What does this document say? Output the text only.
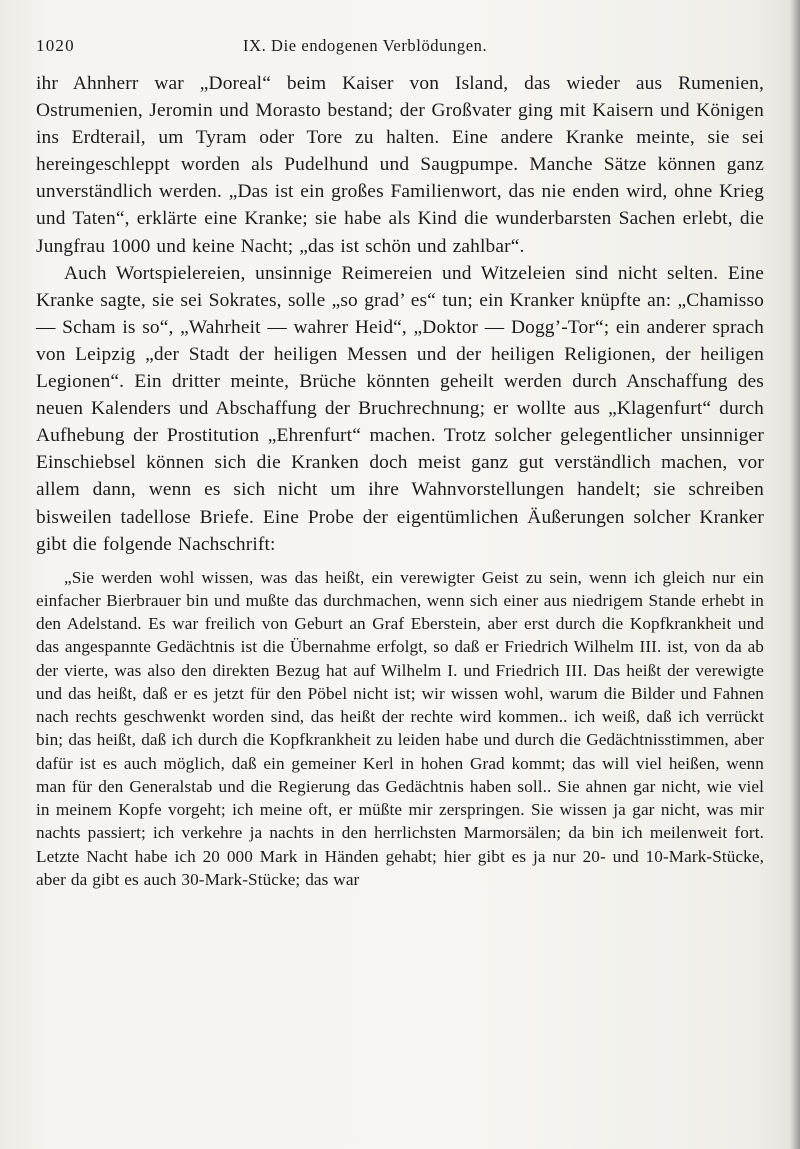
1020	IX. Die endogenen Verblödungen.

ihr Ahnherr war „Doreal“ beim Kaiser von Island, das wieder aus Rumenien, Ostrumenien, Jeromin und Morasto bestand; der Großvater ging mit Kaisern und Königen ins Erdterail, um Tyram oder Tore zu halten. Eine andere Kranke meinte, sie sei hereingeschleppt worden als Pudelhund und Saugpumpe. Manche Sätze können ganz unverständlich werden. „Das ist ein großes Familienwort, das nie enden wird, ohne Krieg und Taten“, erklärte eine Kranke; sie habe als Kind die wunderbarsten Sachen erlebt, die Jungfrau 1000 und keine Nacht; „das ist schön und zahlbar“.

Auch Wortspielereien, unsinnige Reimereien und Witzeleien sind nicht selten. Eine Kranke sagte, sie sei Sokrates, solle „so grad’ es“ tun; ein Kranker knüpfte an: „Chamisso — Scham is so“, „Wahrheit — wahrer Heid“, „Doktor — Dogg’-Tor“; ein anderer sprach von Leipzig „der Stadt der heiligen Messen und der heiligen Religionen, der heiligen Legionen“. Ein dritter meinte, Brüche könnten geheilt werden durch Anschaffung des neuen Kalenders und Abschaffung der Bruchrechnung; er wollte aus „Klagenfurt“ durch Aufhebung der Prostitution „Ehrenfurt“ machen. Trotz solcher gelegentlicher unsinniger Einschiebsel können sich die Kranken doch meist ganz gut verständlich machen, vor allem dann, wenn es sich nicht um ihre Wahnvorstellungen handelt; sie schreiben bisweilen tadellose Briefe. Eine Probe der eigentümlichen Äußerungen solcher Kranker gibt die folgende Nachschrift:

„Sie werden wohl wissen, was das heißt, ein verewigter Geist zu sein, wenn ich gleich nur ein einfacher Bierbrauer bin und mußte das durchmachen, wenn sich einer aus niedrigem Stande erhebt in den Adelstand. Es war freilich von Geburt an Graf Eberstein, aber erst durch die Kopfkrankheit und das angespannte Gedächtnis ist die Übernahme erfolgt, so daß er Friedrich Wilhelm III. ist, von da ab der vierte, was also den direkten Bezug hat auf Wilhelm I. und Friedrich III. Das heißt der verewigte und das heißt, daß er es jetzt für den Pöbel nicht ist; wir wissen wohl, warum die Bilder und Fahnen nach rechts geschwenkt worden sind, das heißt der rechte wird kommen.. ich weiß, daß ich verrückt bin; das heißt, daß ich durch die Kopfkrankheit zu leiden habe und durch die Gedächtnisstimmen, aber dafür ist es auch möglich, daß ein gemeiner Kerl in hohen Grad kommt; das will viel heißen, wenn man für den Generalstab und die Regierung das Gedächtnis haben soll.. Sie ahnen gar nicht, wie viel in meinem Kopfe vorgeht; ich meine oft, er müßte mir zerspringen. Sie wissen ja gar nicht, was mir nachts passiert; ich verkehre ja nachts in den herrlichsten Marmorsälen; da bin ich meilenweit fort. Letzte Nacht habe ich 20 000 Mark in Händen gehabt; hier gibt es ja nur 20- und 10-Mark-Stücke, aber da gibt es auch 30-Mark-Stücke; das war
